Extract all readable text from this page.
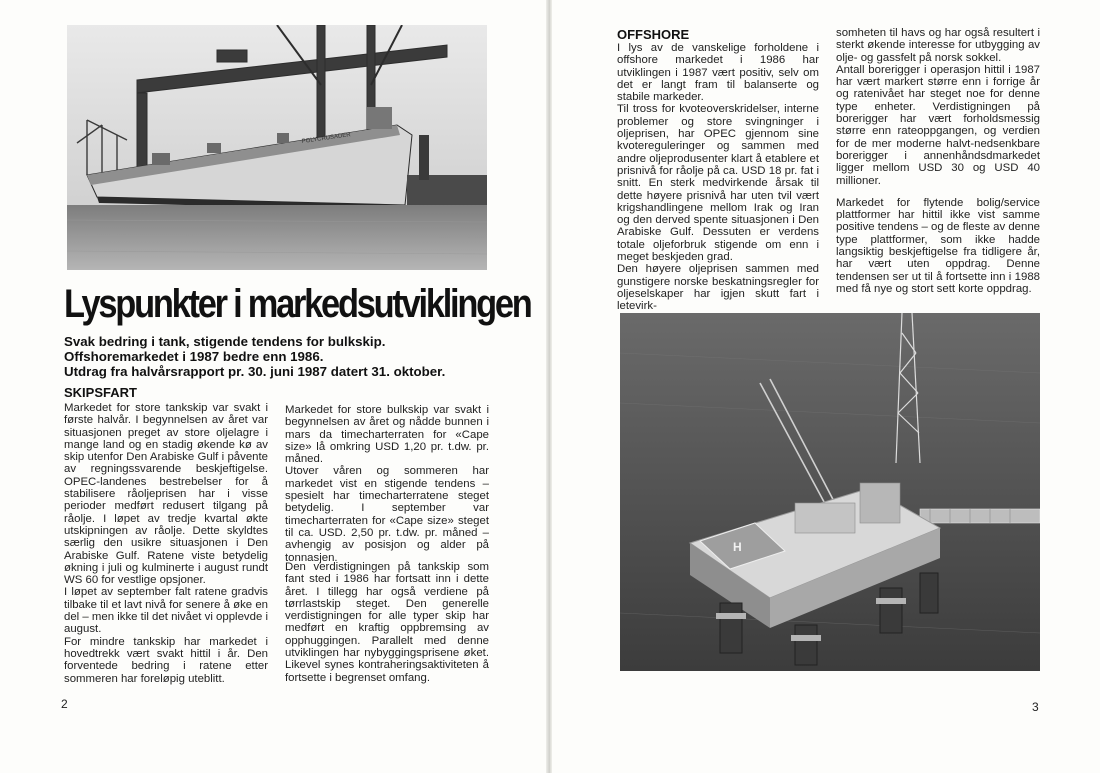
POLYCRUSADER
Lyspunkter i markedsutviklingen

Svak bedring i tank, stigende tendens for bulkskip. Offshoremarkedet i 1987 bedre enn 1986.

Utdrag fra halvårsrapport pr. 30. juni 1987 datert 31. oktober.

SKIPSFART

Markedet for store tankskip var svakt i første halvår. I begynnelsen av året var situasjonen preget av store oljelagre i mange land og en stadig økende kø av skip utenfor Den Arabiske Gulf i påvente av regningssvarende beskjeftigelse. OPEC-landenes bestrebelser for å stabilisere råoljeprisen har i visse perioder medført redusert tilgang på råolje. I løpet av tredje kvartal økte utskipningen av råolje. Dette skyldtes særlig den usikre situasjonen i Den Arabiske Gulf. Ratene viste betydelig økning i juli og kulminerte i august rundt WS 60 for vestlige opsjoner.

I løpet av september falt ratene gradvis tilbake til et lavt nivå for senere å øke en del – men ikke til det nivået vi opplevde i august.

For mindre tankskip har markedet i hovedtrekk vært svakt hittil i år. Den forventede bedring i ratene etter sommeren har foreløpig uteblitt.

Markedet for store bulkskip var svakt i begynnelsen av året og nådde bunnen i mars da timecharterraten for «Cape size» lå omkring USD 1,20 pr. t.dw. pr. måned.

Utover våren og sommeren har markedet vist en stigende tendens – spesielt har timecharterratene steget betydelig. I september var timecharterraten for «Cape size» steget til ca. USD. 2,50 pr. t.dw. pr. måned – avhengig av posisjon og alder på tonnasjen.

Den verdistigningen på tankskip som fant sted i 1986 har fortsatt inn i dette året. I tillegg har også verdiene på tørrlastskip steget. Den generelle verdistigningen for alle typer skip har medført en kraftig oppbremsing av opphuggingen. Parallelt med denne utviklingen har nybyggingsprisene øket. Likevel synes kontraheringsaktiviteten å fortsette i begrenset omfang.

2	3
OFFSHORE

I lys av de vanskelige forholdene i offshore markedet i 1986 har utviklingen i 1987 vært positiv, selv om det er langt fram til balanserte og stabile markeder.

Til tross for kvoteoverskridelser, interne problemer og store svingninger i oljeprisen, har OPEC gjennom sine kvotereguleringer og sammen med andre oljeprodusenter klart å etablere et prisnivå for råolje på ca. USD 18 pr. fat i snitt. En sterk medvirkende årsak til dette høyere prisnivå har uten tvil vært krigshandlingene mellom Irak og Iran og den derved spente situasjonen i Den Arabiske Gulf. Dessuten er verdens totale oljeforbruk stigende om enn i meget beskjeden grad.

Den høyere oljeprisen sammen med gunstigere norske beskatningsregler for oljeselskaper har igjen skutt fart i letevirk-

somheten til havs og har også resultert i sterkt økende interesse for utbygging av olje- og gassfelt på norsk sokkel.

Antall borerigger i operasjon hittil i 1987 har vært markert større enn i forrige år og ratenivået har steget noe for denne type enheter. Verdistigningen på borerigger har vært forholdsmessig større enn rateoppgangen, og verdien for de mer moderne halvt-nedsenkbare borerigger i annenhåndsdmarkedet ligger mellom USD 30 og USD 40 millioner.

Markedet for flytende bolig/service plattformer har hittil ikke vist samme positive tendens – og de fleste av denne type plattformer, som ikke hadde langsiktig beskjeftigelse fra tidligere år, har vært uten oppdrag. Denne tendensen ser ut til å fortsette inn i 1988 med få nye og stort sett korte oppdrag.

H
